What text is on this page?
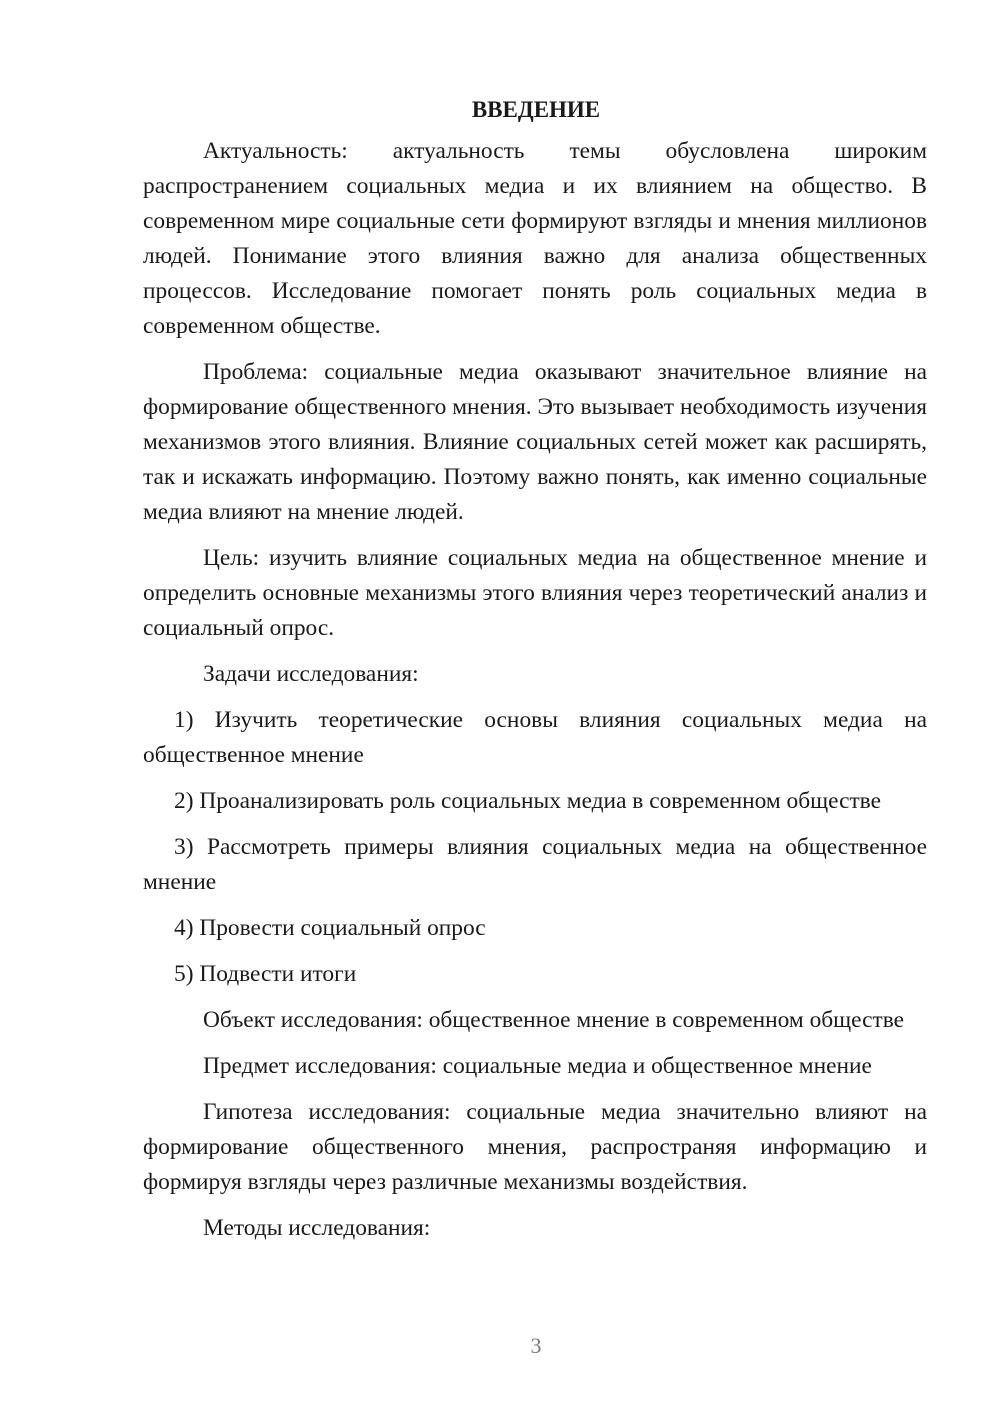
ВВЕДЕНИЕ

Актуальность: актуальность темы обусловлена широким распространением социальных медиа и их влиянием на общество. В современном мире социальные сети формируют взгляды и мнения миллионов людей. Понимание этого влияния важно для анализа общественных процессов. Исследование помогает понять роль социальных медиа в современном обществе.

Проблема: социальные медиа оказывают значительное влияние на формирование общественного мнения. Это вызывает необходимость изучения механизмов этого влияния. Влияние социальных сетей может как расширять, так и искажать информацию. Поэтому важно понять, как именно социальные медиа влияют на мнение людей.

Цель: изучить влияние социальных медиа на общественное мнение и определить основные механизмы этого влияния через теоретический анализ и социальный опрос.

Задачи исследования:

1) Изучить теоретические основы влияния социальных медиа на общественное мнение

2) Проанализировать роль социальных медиа в современном обществе

3) Рассмотреть примеры влияния социальных медиа на общественное мнение

4) Провести социальный опрос

5) Подвести итоги

Объект исследования: общественное мнение в современном обществе

Предмет исследования: социальные медиа и общественное мнение

Гипотеза исследования: социальные медиа значительно влияют на формирование общественного мнения, распространяя информацию и формируя взгляды через различные механизмы воздействия.

Методы исследования:

3
